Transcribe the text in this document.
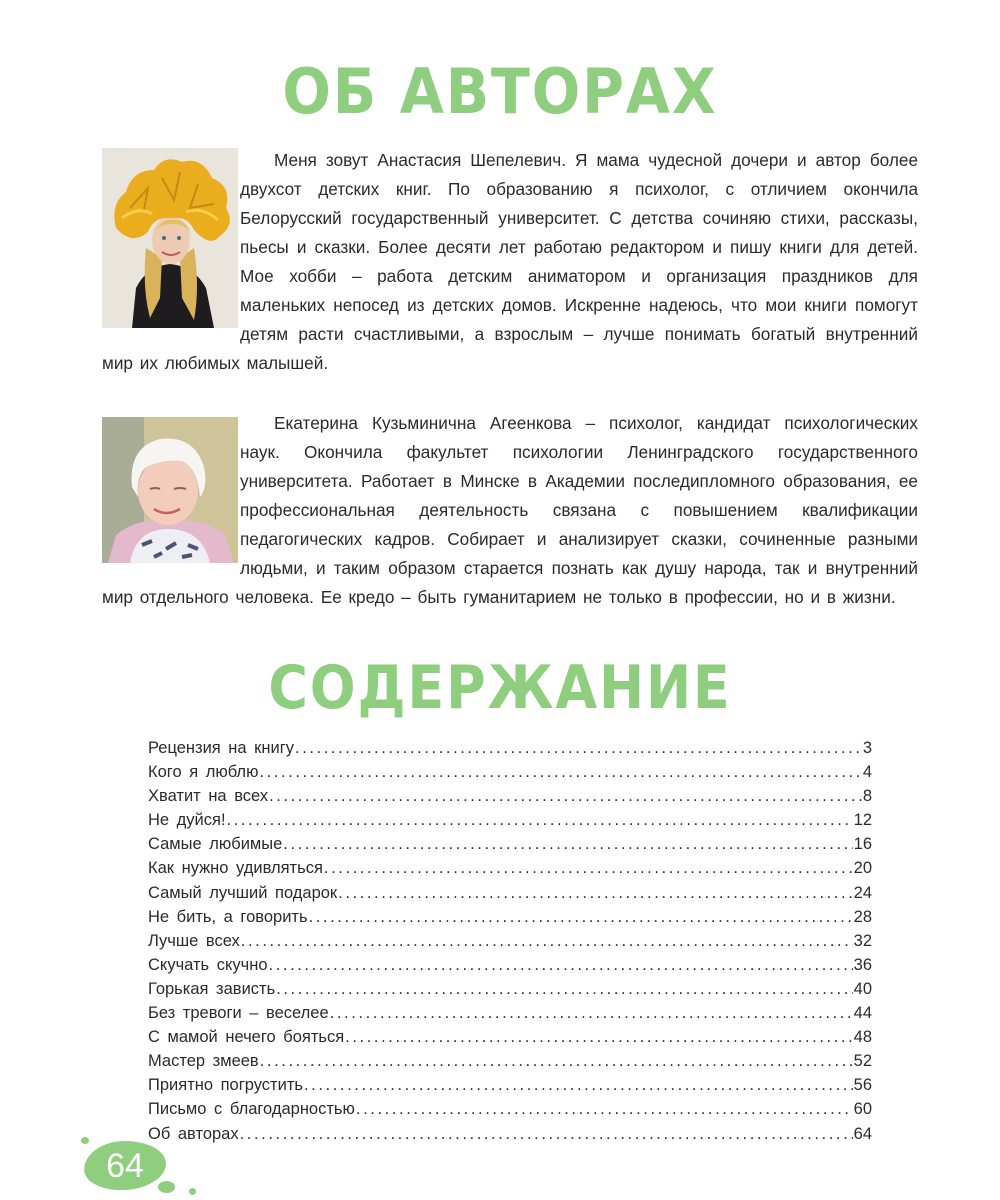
ОБ АВТОРАХ

Меня зовут Анастасия Шепелевич. Я мама чудесной дочери и автор более двухсот детских книг. По образованию я психолог, с отличием окончила Белорусский государственный университет. С детства сочиняю стихи, рассказы, пьесы и сказки. Более десяти лет работаю редактором и пишу книги для детей. Мое хобби – работа детским аниматором и организация праздников для маленьких непосед из детских домов. Искренне надеюсь, что мои книги помогут детям расти счастливыми, а взрослым – лучше понимать богатый внутренний мир их любимых малышей.

Екатерина Кузьминична Агеенкова – психолог, кандидат психологических наук. Окончила факультет психологии Ленинградского государственного университета. Работает в Минске в Академии последипломного образования, ее профессиональная деятельность связана с повышением квалификации педагогических кадров. Собирает и анализирует сказки, сочиненные разными людьми, и таким образом старается познать как душу народа, так и внутренний мир отдельного человека. Ее кредо – быть гуманитарием не только в профессии, но и в жизни.

СОДЕРЖАНИЕ
Рецензия на книгу .....	3
Кого я люблю .....	4
Хватит на всех .....	8
Не дуйся! .....	12
Самые любимые .....	16
Как нужно удивляться .....	20
Самый лучший подарок .....	24
Не бить, а говорить .....	28
Лучше всех .....	32
Скучать скучно .....	36
Горькая зависть .....	40
Без тревоги – веселее .....	44
С мамой нечего бояться .....	48
Мастер змеев .....	52
Приятно погрустить .....	56
Письмо с благодарностью .....	60
Об авторах .....	64
64
